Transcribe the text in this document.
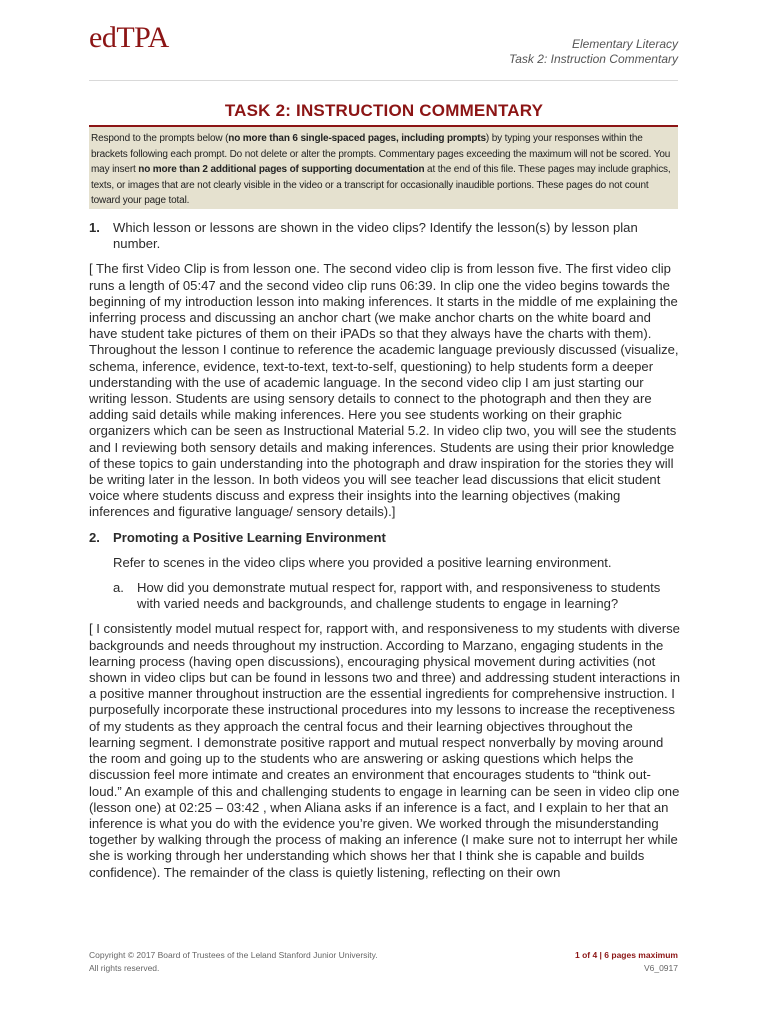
edTPA	Elementary Literacy
Task 2: Instruction Commentary
TASK 2: INSTRUCTION COMMENTARY
Respond to the prompts below (no more than 6 single-spaced pages, including prompts) by typing your responses within the brackets following each prompt. Do not delete or alter the prompts. Commentary pages exceeding the maximum will not be scored. You may insert no more than 2 additional pages of supporting documentation at the end of this file. These pages may include graphics, texts, or images that are not clearly visible in the video or a transcript for occasionally inaudible portions. These pages do not count toward your page total.
1. Which lesson or lessons are shown in the video clips? Identify the lesson(s) by lesson plan number.
[ The first Video Clip is from lesson one. The second video clip is from lesson five. The first video clip runs a length of 05:47 and the second video clip runs 06:39. In clip one the video begins towards the beginning of my introduction lesson into making inferences. It starts in the middle of me explaining the inferring process and discussing an anchor chart (we make anchor charts on the white board and have student take pictures of them on their iPADs so that they always have the charts with them). Throughout the lesson I continue to reference the academic language previously discussed (visualize, schema, inference, evidence, text-to-text, text-to-self, questioning) to help students form a deeper understanding with the use of academic language. In the second video clip I am just starting our writing lesson. Students are using sensory details to connect to the photograph and then they are adding said details while making inferences. Here you see students working on their graphic organizers which can be seen as Instructional Material 5.2. In video clip two, you will see the students and I reviewing both sensory details and making inferences. Students are using their prior knowledge of these topics to gain understanding into the photograph and draw inspiration for the stories they will be writing later in the lesson. In both videos you will see teacher lead discussions that elicit student voice where students discuss and express their insights into the learning objectives (making inferences and figurative language/ sensory details).]
2. Promoting a Positive Learning Environment
Refer to scenes in the video clips where you provided a positive learning environment.
a. How did you demonstrate mutual respect for, rapport with, and responsiveness to students with varied needs and backgrounds, and challenge students to engage in learning?
[ I consistently model mutual respect for, rapport with, and responsiveness to my students with diverse backgrounds and needs throughout my instruction. According to Marzano, engaging students in the learning process (having open discussions), encouraging physical movement during activities (not shown in video clips but can be found in lessons two and three) and addressing student interactions in a positive manner throughout instruction are the essential ingredients for comprehensive instruction. I purposefully incorporate these instructional procedures into my lessons to increase the receptiveness of my students as they approach the central focus and their learning objectives throughout the learning segment. I demonstrate positive rapport and mutual respect nonverbally by moving around the room and going up to the students who are answering or asking questions which helps the discussion feel more intimate and creates an environment that encourages students to “think out-loud.” An example of this and challenging students to engage in learning can be seen in video clip one (lesson one) at 02:25 – 03:42 , when Aliana asks if an inference is a fact, and I explain to her that an inference is what you do with the evidence you’re given. We worked through the misunderstanding together by walking through the process of making an inference (I make sure not to interrupt her while she is working through her understanding which shows her that I think she is capable and builds confidence). The remainder of the class is quietly listening, reflecting on their own
Copyright © 2017 Board of Trustees of the Leland Stanford Junior University.
All rights reserved.
1 of 4 | 6 pages maximum
V6_0917
